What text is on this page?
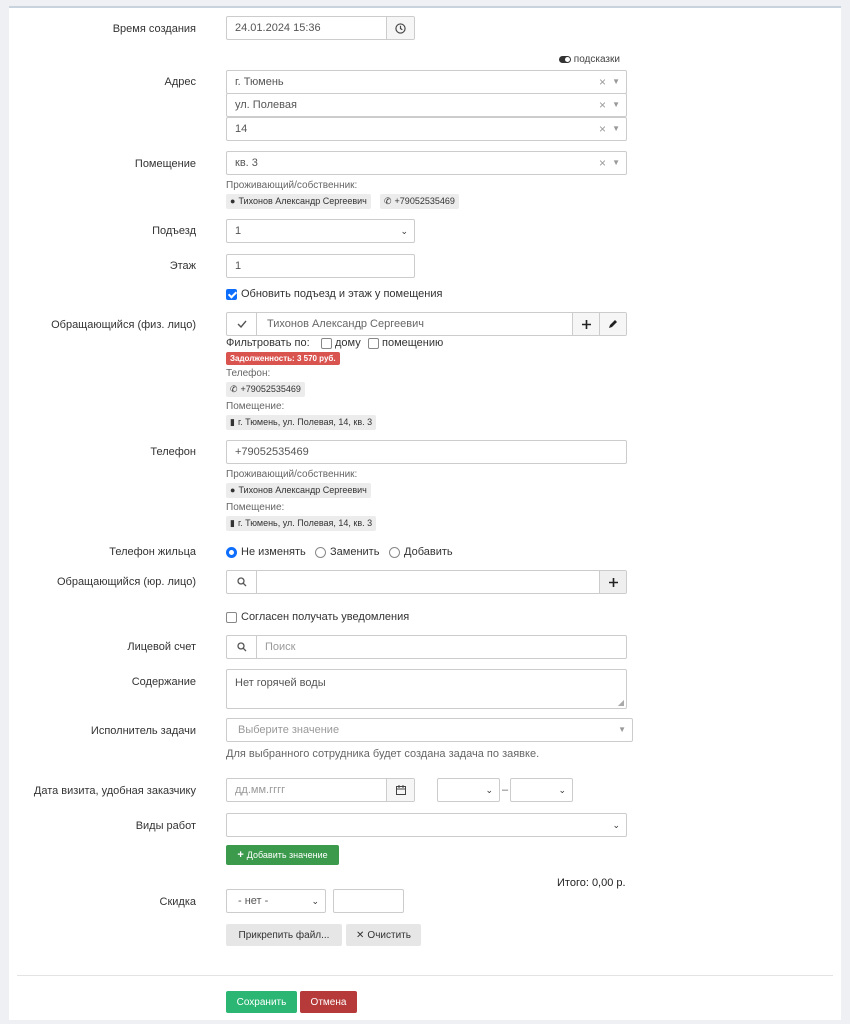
Время создания	24.01.2024 15:36
подсказки
Адрес	г. Тюмень	× ▼
ул. Полевая	× ▼
14	× ▼
Помещение	кв. 3	× ▼
Проживающий/собственник:
● Тихонов Александр Сергеевич	✆ +79052535469
Подъезд	1	⌄
Этаж	1
Обновить подъезд и этаж у помещения
Обращающийся (физ. лицо)	Тихонов Александр Сергеевич
Фильтровать по: дому помещению
Задолженность: 3 570 руб.
Телефон:
✆ +79052535469
Помещение:
▮ г. Тюмень, ул. Полевая, 14, кв. 3
Телефон	+79052535469
Проживающий/собственник:
● Тихонов Александр Сергеевич
Помещение:
▮ г. Тюмень, ул. Полевая, 14, кв. 3
Телефон жильца	Не изменять Заменить Добавить
Обращающийся (юр. лицо)
Согласен получать уведомления
Лицевой счет	Поиск
Содержание	Нет горячей воды
◢
Исполнитель задачи	Выберите значение	▼
Для выбранного сотрудника будет создана задача по заявке.
Дата визита, удобная заказчику	дд.мм.гггг	⌄ –	⌄
Виды работ	⌄
+ Добавить значение
Итого: 0,00 р.
Скидка	- нет -	⌄
Прикрепить файл...	✕ Очистить
Сохранить Отмена
